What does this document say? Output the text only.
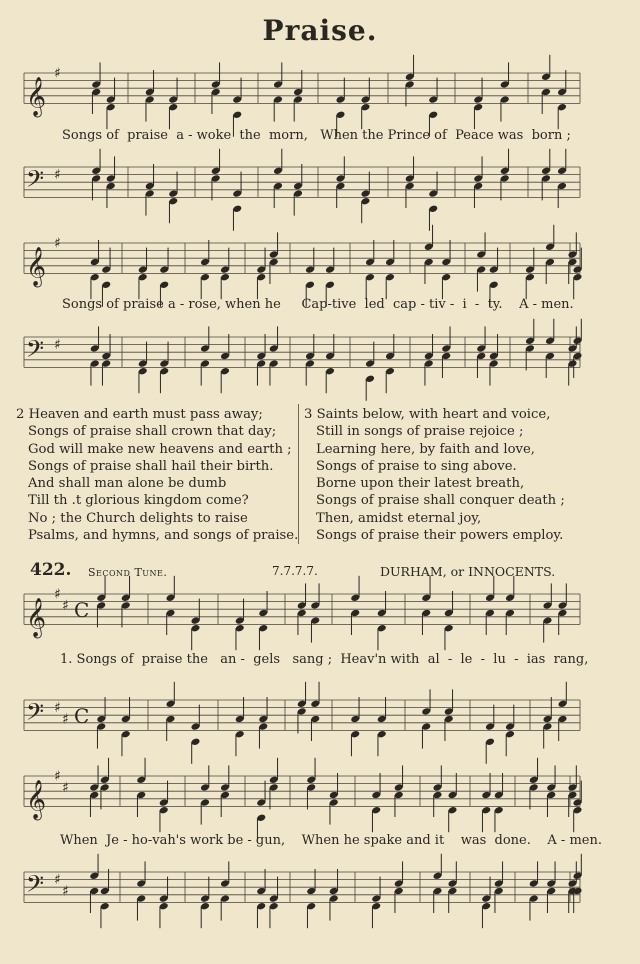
Praise.
𝄞
♯
𝄢 ♯
𝄞
♯
𝄢 ♯
𝄞
♯
♯ C
𝄢 ♯
♯ C
𝄞
♯
♯
𝄢 ♯
♯
Songs of  praise  a - woke  the  morn,   When the Prince of  Peace was  born ;
Songs of praise a - rose, when he     Cap-tive  led  cap - tiv -  i  -  ty.    A - men.
2 Heaven and earth must pass away;
Songs of praise shall crown that day;
God will make new heavens and earth ;
Songs of praise shall hail their birth.
And shall man alone be dumb
Till th .t glorious kingdom come?
No ; the Church delights to raise
Psalms, and hymns, and songs of praise.
3 Saints below, with heart and voice,
Still in songs of praise rejoice ;
Learning here, by faith and love,
Songs of praise to sing above.
Borne upon their latest breath,
Songs of praise shall conquer death ;
Then, amidst eternal joy,
Songs of praise their powers employ.
422. Second Tune.	7.7.7.7.	DURHAM, or INNOCENTS.
1. Songs of  praise the   an -  gels   sang ;  Heav'n with  al  -  le  -  lu  -  ias  rang,
When  Je - ho-vah's work be - gun,    When he spake and it    was  done.    A - men.
